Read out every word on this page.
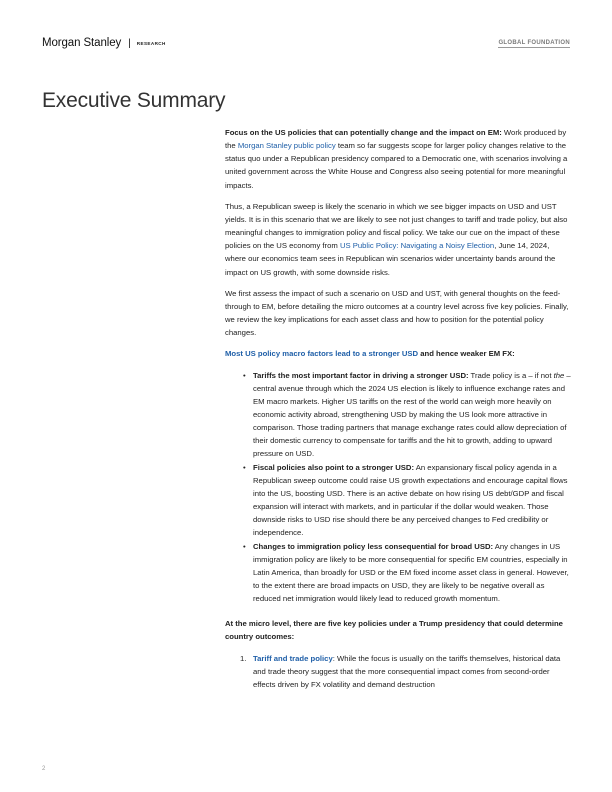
Morgan Stanley | RESEARCH	GLOBAL FOUNDATION
Executive Summary

Focus on the US policies that can potentially change and the impact on EM: Work produced by the Morgan Stanley public policy team so far suggests scope for larger policy changes relative to the status quo under a Republican presidency compared to a Democratic one, with scenarios involving a united government across the White House and Congress also seeing potential for more meaningful impacts.

Thus, a Republican sweep is likely the scenario in which we see bigger impacts on USD and UST yields. It is in this scenario that we are likely to see not just changes to tariff and trade policy, but also meaningful changes to immigration policy and fiscal policy. We take our cue on the impact of these policies on the US economy from US Public Policy: Navigating a Noisy Election, June 14, 2024, where our economics team sees in Republican win scenarios wider uncertainty bands around the impact on US growth, with some downside risks.

We first assess the impact of such a scenario on USD and UST, with general thoughts on the feed-through to EM, before detailing the micro outcomes at a country level across five key policies. Finally, we review the key implications for each asset class and how to position for the potential policy changes.

Most US policy macro factors lead to a stronger USD and hence weaker EM FX:

• Tariffs the most important factor in driving a stronger USD: Trade policy is a – if not the – central avenue through which the 2024 US election is likely to influence exchange rates and EM macro markets. Higher US tariffs on the rest of the world can weigh more heavily on economic activity abroad, strengthening USD by making the US look more attractive in comparison. Those trading partners that manage exchange rates could allow depreciation of their domestic currency to compensate for tariffs and the hit to growth, adding to upward pressure on USD.
• Fiscal policies also point to a stronger USD: An expansionary fiscal policy agenda in a Republican sweep outcome could raise US growth expectations and encourage capital flows into the US, boosting USD. There is an active debate on how rising US debt/GDP and fiscal expansion will interact with markets, and in particular if the dollar would weaken. Those downside risks to USD rise should there be any perceived changes to Fed credibility or independence.
• Changes to immigration policy less consequential for broad USD: Any changes in US immigration policy are likely to be more consequential for specific EM countries, especially in Latin America, than broadly for USD or the EM fixed income asset class in general. However, to the extent there are broad impacts on USD, they are likely to be negative overall as reduced net immigration would likely lead to reduced growth momentum.

At the micro level, there are five key policies under a Trump presidency that could determine country outcomes:

1. Tariff and trade policy: While the focus is usually on the tariffs themselves, historical data and trade theory suggest that the more consequential impact comes from second-order effects driven by FX volatility and demand destruction
2
